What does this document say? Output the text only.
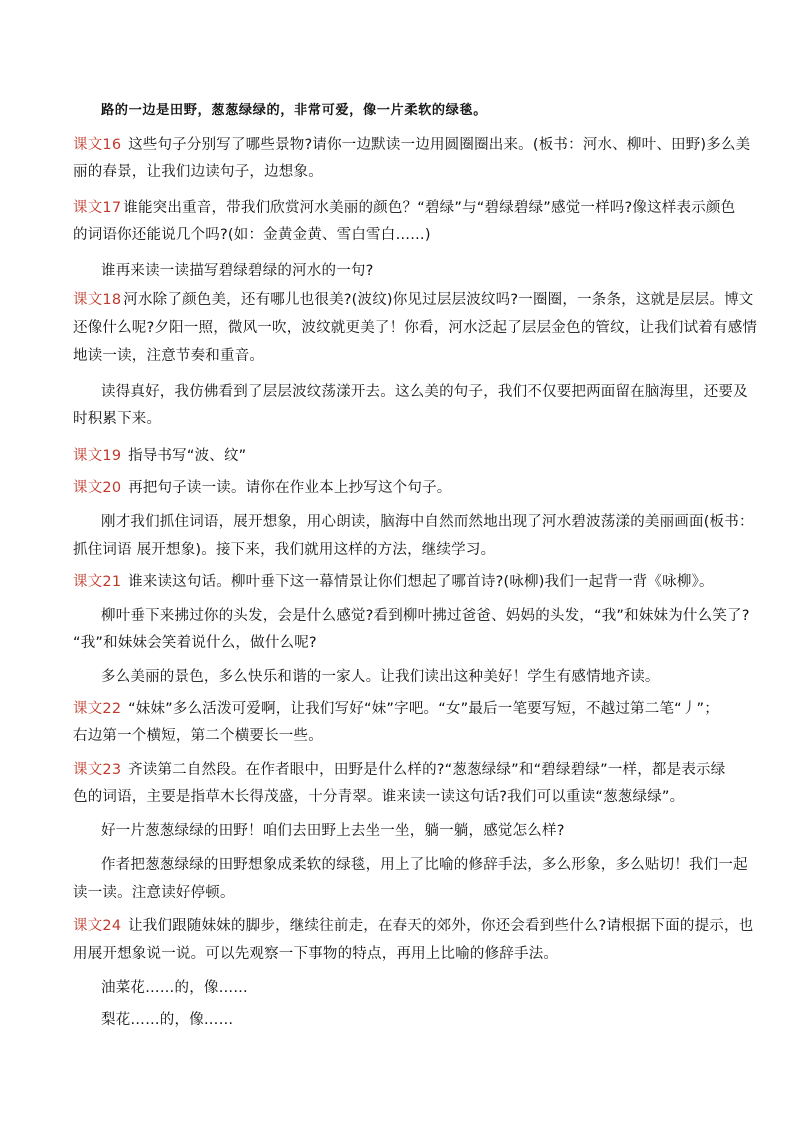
路的一边是田野，葱葱绿绿的，非常可爱，像一片柔软的绿毯。
课文16 这些句子分别写了哪些景物?请你一边默读一边用圆圈圈出来。(板书：河水、柳叶、田野)多么美
丽的春景，让我们边读句子，边想象。
课文17 谁能突出重音，带我们欣赏河水美丽的颜色？“碧绿”与“碧绿碧绿”感觉一样吗?像这样表示颜色
的词语你还能说几个吗?(如：金黄金黄、雪白雪白……)
谁再来读一读描写碧绿碧绿的河水的一句?
课文18 河水除了颜色美，还有哪儿也很美?(波纹)你见过层层波纹吗?一圈圈，一条条，这就是层层。博文
还像什么呢?夕阳一照，微风一吹，波纹就更美了！你看，河水泛起了层层金色的管纹，让我们试着有感情
地读一读，注意节奏和重音。
读得真好，我仿佛看到了层层波纹荡漾开去。这么美的句子，我们不仅要把两面留在脑海里，还要及
时积累下来。
课文19 指导书写“波、纹”
课文20 再把句子读一读。请你在作业本上抄写这个句子。
刚才我们抓住词语，展开想象，用心朗读，脑海中自然而然地出现了河水碧波荡漾的美丽画面(板书：
抓住词语 展开想象)。接下来，我们就用这样的方法，继续学习。
课文21 谁来读这句话。柳叶垂下这一幕情景让你们想起了哪首诗?(咏柳)我们一起背一背《咏柳》。
柳叶垂下来拂过你的头发，会是什么感觉?看到柳叶拂过爸爸、妈妈的头发，“我”和妹妹为什么笑了?
“我”和妹妹会笑着说什么，做什么呢?
多么美丽的景色，多么快乐和谐的一家人。让我们读出这种美好！学生有感情地齐读。
课文22 “妹妹”多么活泼可爱啊，让我们写好“妹”字吧。“女”最后一笔要写短，不越过第二笔“丿”；
右边第一个横短，第二个横要长一些。
课文23 齐读第二自然段。在作者眼中，田野是什么样的?“葱葱绿绿”和“碧绿碧绿”一样，都是表示绿
色的词语，主要是指草木长得茂盛，十分青翠。谁来读一读这句话?我们可以重读“葱葱绿绿”。
好一片葱葱绿绿的田野！咱们去田野上去坐一坐，躺一躺，感觉怎么样?
作者把葱葱绿绿的田野想象成柔软的绿毯，用上了比喻的修辞手法，多么形象，多么贴切！我们一起
读一读。注意读好停顿。
课文24 让我们跟随妹妹的脚步，继续往前走，在春天的郊外，你还会看到些什么?请根据下面的提示，也
用展开想象说一说。可以先观察一下事物的特点，再用上比喻的修辞手法。
油菜花……的，像……
梨花……的，像……
